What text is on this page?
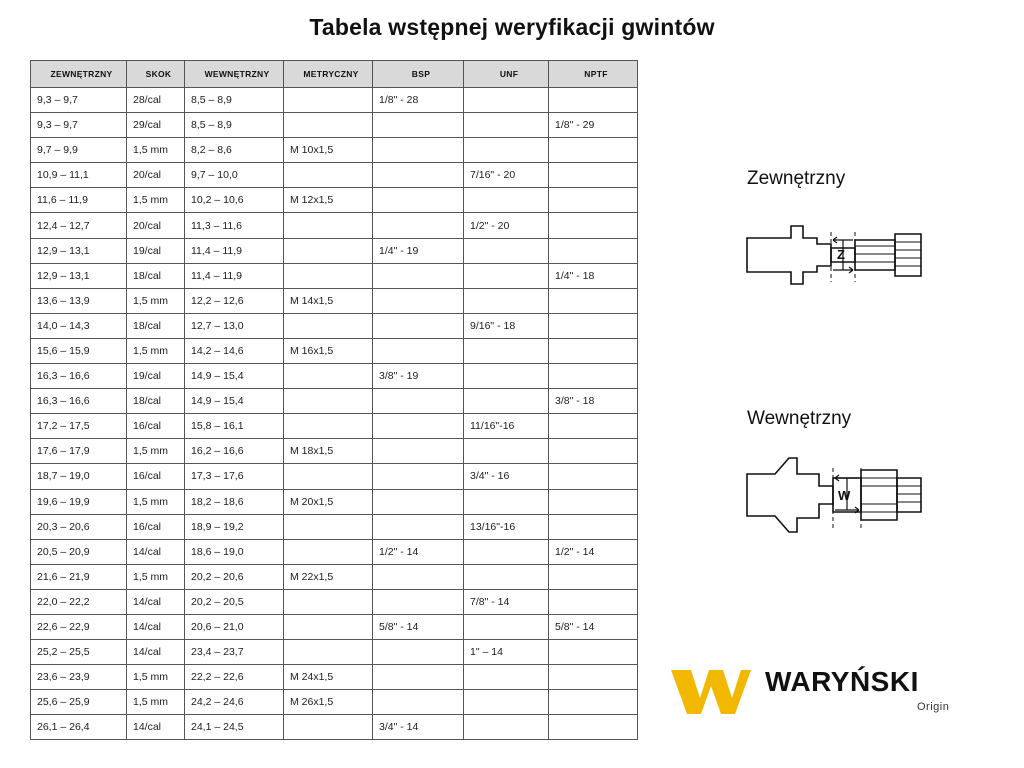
Tabela wstępnej weryfikacji gwintów
ZEWNĘTRZNY	SKOK	WEWNĘTRZNY	METRYCZNY	BSP	UNF	NPTF
9,3 – 9,7	28/cal	8,5 – 8,9		1/8" - 28		
9,3 – 9,7	29/cal	8,5 – 8,9				1/8" - 29
9,7 – 9,9	1,5 mm	8,2 – 8,6	M 10x1,5			
10,9 – 11,1	20/cal	9,7 – 10,0			7/16" - 20	
11,6 – 11,9	1,5 mm	10,2 – 10,6	M 12x1,5			
12,4 – 12,7	20/cal	11,3 – 11,6			1/2" - 20	
12,9 – 13,1	19/cal	11,4 – 11,9		1/4" - 19		
12,9 – 13,1	18/cal	11,4 – 11,9				1/4" - 18
13,6 – 13,9	1,5 mm	12,2 – 12,6	M 14x1,5			
14,0 – 14,3	18/cal	12,7 – 13,0			9/16" - 18	
15,6 – 15,9	1,5 mm	14,2 – 14,6	M 16x1,5			
16,3 – 16,6	19/cal	14,9 – 15,4		3/8" - 19		
16,3 – 16,6	18/cal	14,9 – 15,4				3/8" - 18
17,2 – 17,5	16/cal	15,8 – 16,1			11/16"-16	
17,6 – 17,9	1,5 mm	16,2 – 16,6	M 18x1,5			
18,7 – 19,0	16/cal	17,3 – 17,6			3/4" - 16	
19,6 – 19,9	1,5 mm	18,2 – 18,6	M 20x1,5			
20,3 – 20,6	16/cal	18,9 – 19,2			13/16"-16	
20,5 – 20,9	14/cal	18,6 – 19,0		1/2" - 14		1/2" - 14
21,6 – 21,9	1,5 mm	20,2 – 20,6	M 22x1,5			
22,0 – 22,2	14/cal	20,2 – 20,5			7/8" - 14	
22,6 – 22,9	14/cal	20,6 – 21,0		5/8" - 14		5/8" - 14
25,2 – 25,5	14/cal	23,4 – 23,7			1" – 14	
23,6 – 23,9	1,5 mm	22,2 – 22,6	M 24x1,5			
25,6 – 25,9	1,5 mm	24,2 – 24,6	M 26x1,5			
26,1 – 26,4	14/cal	24,1 – 24,5		3/4" - 14		
Zewnętrzny
Z
Wewnętrzny
W
WARYŃSKI
Origin
